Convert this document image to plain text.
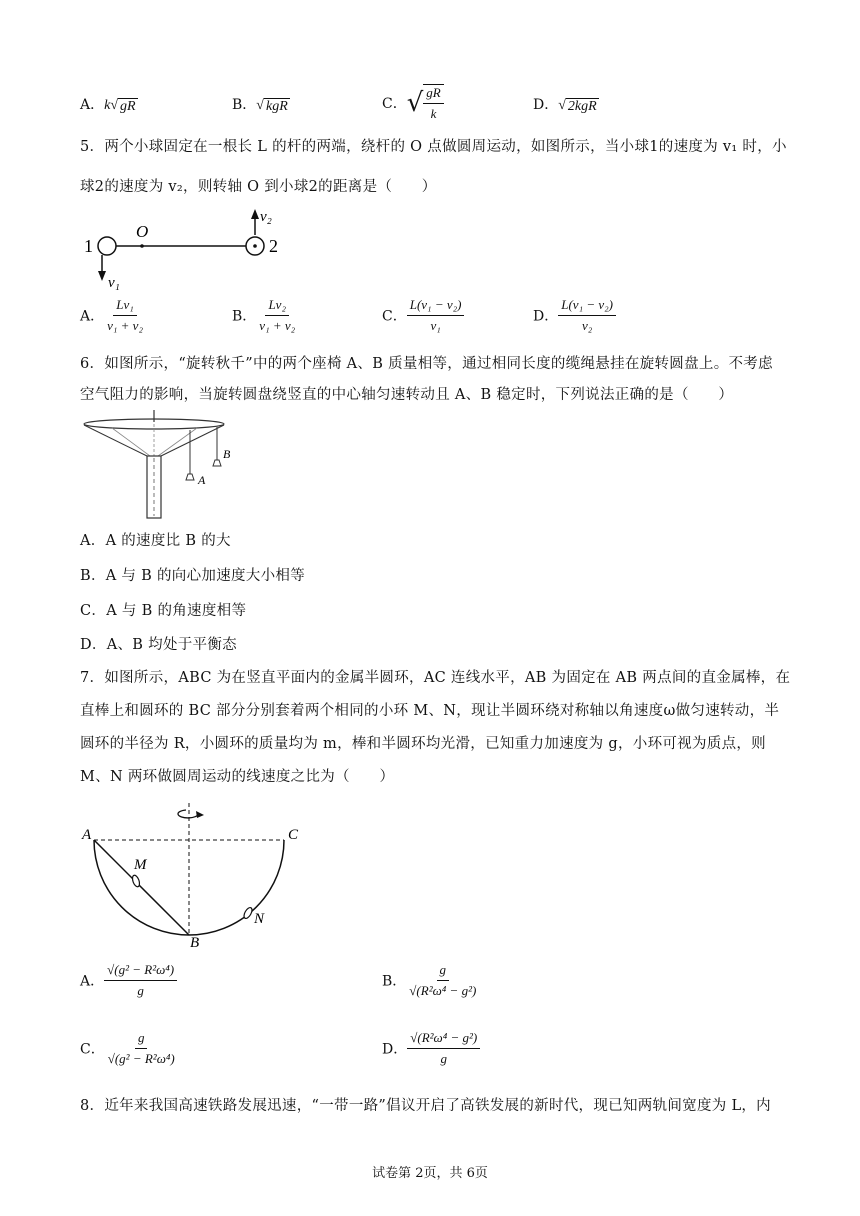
A．k √ gR	B． √ kgR	C．√ $\frac{gR}{k}$	D． √ 2kgR
5．两个小球固定在一根长 L 的杆的两端，绕杆的 O 点做圆周运动，如图所示，当小球1的速度为 v₁ 时，小
球2的速度为 v₂，则转轴 O 到小球2的距离是（　　）
1
O
2
v₂
v₁
A． $\frac{\text{Lv₁}}{\text{v₁ + v₂}}$	B． $\frac{\text{Lv₂}}{\text{v₁ + v₂}}$	C． $\frac{\text{L(v₁ − v₂)}}{\text{v₁}}$	D． $\frac{\text{L(v₁ − v₂)}}{\text{v₂}}$
6．如图所示，“旋转秋千”中的两个座椅 A、B 质量相等，通过相同长度的缆绳悬挂在旋转圆盘上。不考虑
空气阻力的影响，当旋转圆盘绕竖直的中心轴匀速转动且 A、B 稳定时，下列说法正确的是（　　）
A
B
A．A 的速度比 B 的大
B．A 与 B 的向心加速度大小相等
C．A 与 B 的角速度相等
D．A、B 均处于平衡态
7．如图所示，ABC 为在竖直平面内的金属半圆环，AC 连线水平，AB 为固定在 AB 两点间的直金属棒，在
直棒上和圆环的 BC 部分分别套着两个相同的小环 M、N，现让半圆环绕对称轴以角速度ω做匀速转动，半
圆环的半径为 R，小圆环的质量均为 m，棒和半圆环均光滑，已知重力加速度为 g，小环可视为质点，则
M、N 两环做圆周运动的线速度之比为（　　）
A	C
B
M
N
A． $\frac{\text{√(g² − R²ω⁴)}}{g}$	B． $\frac{g}{\text{√(R²ω⁴ − g²)}}$
C． $\frac{g}{\text{√(g² − R²ω⁴)}}$	D． $\frac{\text{√(R²ω⁴ − g²)}}{g}$
8．近年来我国高速铁路发展迅速，“一带一路”倡议开启了高铁发展的新时代，现已知两轨间宽度为 L，内
试卷第 2页，共 6页
